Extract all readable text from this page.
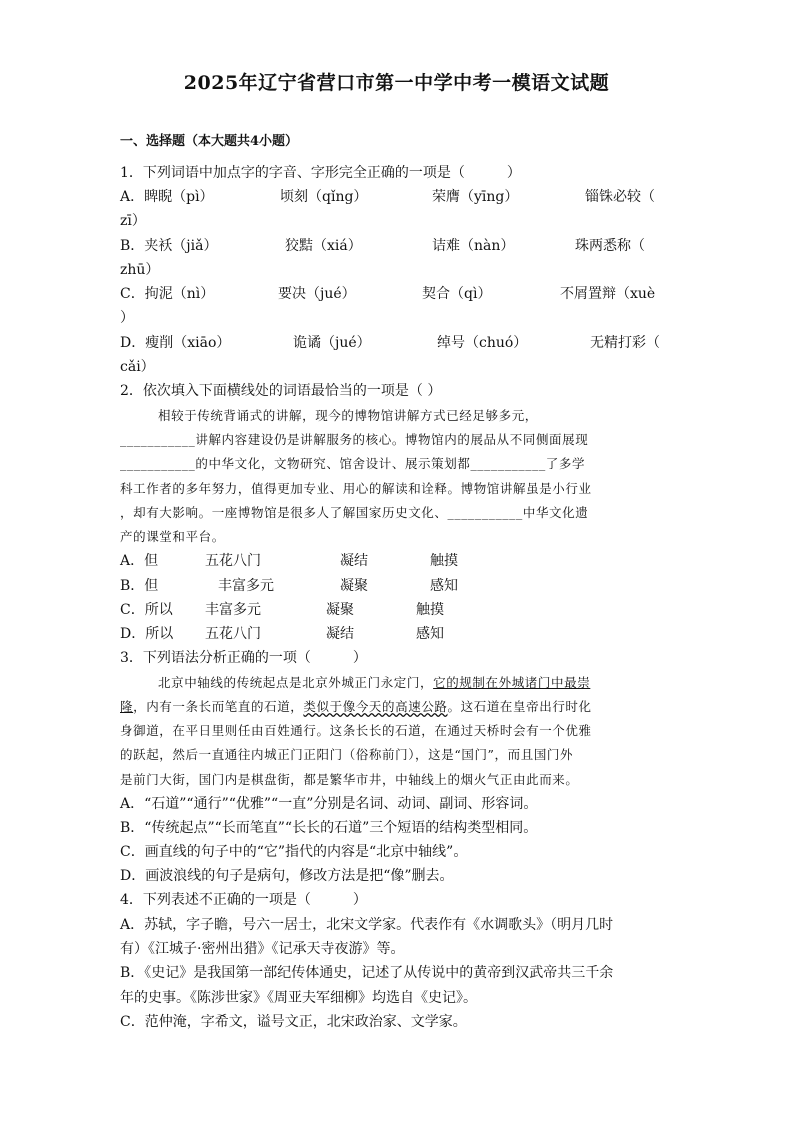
2025年辽宁省营口市第一中学中考一模语文试题
一、选择题（本大题共4小题）
1．下列词语中加点字的字音、字形完全正确的一项是（　　　）
A．睥睨（pì）	顷刻（qǐng）	荣膺（yīng）	锱铢必较（
zī）
B．夹袄（jiǎ）	狡黠（xiá）	诘难（nàn）	珠两悉称（
zhū）
C．拘泥（nì）	要决（jué）	契合（qì）	不屑置辩（xuè
）
D．瘦削（xiāo）	诡谲（jué）	绰号（chuó）	无精打彩（
cǎi）
2．依次填入下面横线处的词语最恰当的一项是（ ）
相较于传统背诵式的讲解，现今的博物馆讲解方式已经足够多元，
___________讲解内容建设仍是讲解服务的核心。博物馆内的展品从不同侧面展现
___________的中华文化，文物研究、馆舍设计、展示策划都___________了多学
科工作者的多年努力，值得更加专业、用心的解读和诠释。博物馆讲解虽是小行业
，却有大影响。一座博物馆是很多人了解国家历史文化、___________中华文化遗
产的课堂和平台。
A．但	五花八门	凝结	触摸
B．但	丰富多元	凝聚	感知
C．所以 丰富多元	凝聚	触摸
D．所以 五花八门	凝结	感知
3．下列语法分析正确的一项（　　　）
北京中轴线的传统起点是北京外城正门永定门，它的规制在外城诸门中最崇
隆，内有一条长而笔直的石道，类似于像今天的高速公路。这石道在皇帝出行时化
身御道，在平日里则任由百姓通行。这条长长的石道，在通过天桥时会有一个优雅
的跃起，然后一直通往内城正门正阳门（俗称前门），这是“国门”，而且国门外
是前门大街，国门内是棋盘街，都是繁华市井，中轴线上的烟火气正由此而来。
A．“石道”“通行”“优雅”“一直”分别是名词、动词、副词、形容词。
B．“传统起点”“长而笔直”“长长的石道”三个短语的结构类型相同。
C．画直线的句子中的“它”指代的内容是“北京中轴线”。
D．画波浪线的句子是病句，修改方法是把“像”删去。
4．下列表述不正确的一项是（　　　）
A．苏轼，字子瞻，号六一居士，北宋文学家。代表作有《水调歌头》（明月几时
有）《江城子·密州出猎》《记承天寺夜游》等。
B．《史记》是我国第一部纪传体通史，记述了从传说中的黄帝到汉武帝共三千余
年的史事。《陈涉世家》《周亚夫军细柳》均选自《史记》。
C．范仲淹，字希文，谥号文正，北宋政治家、文学家。
